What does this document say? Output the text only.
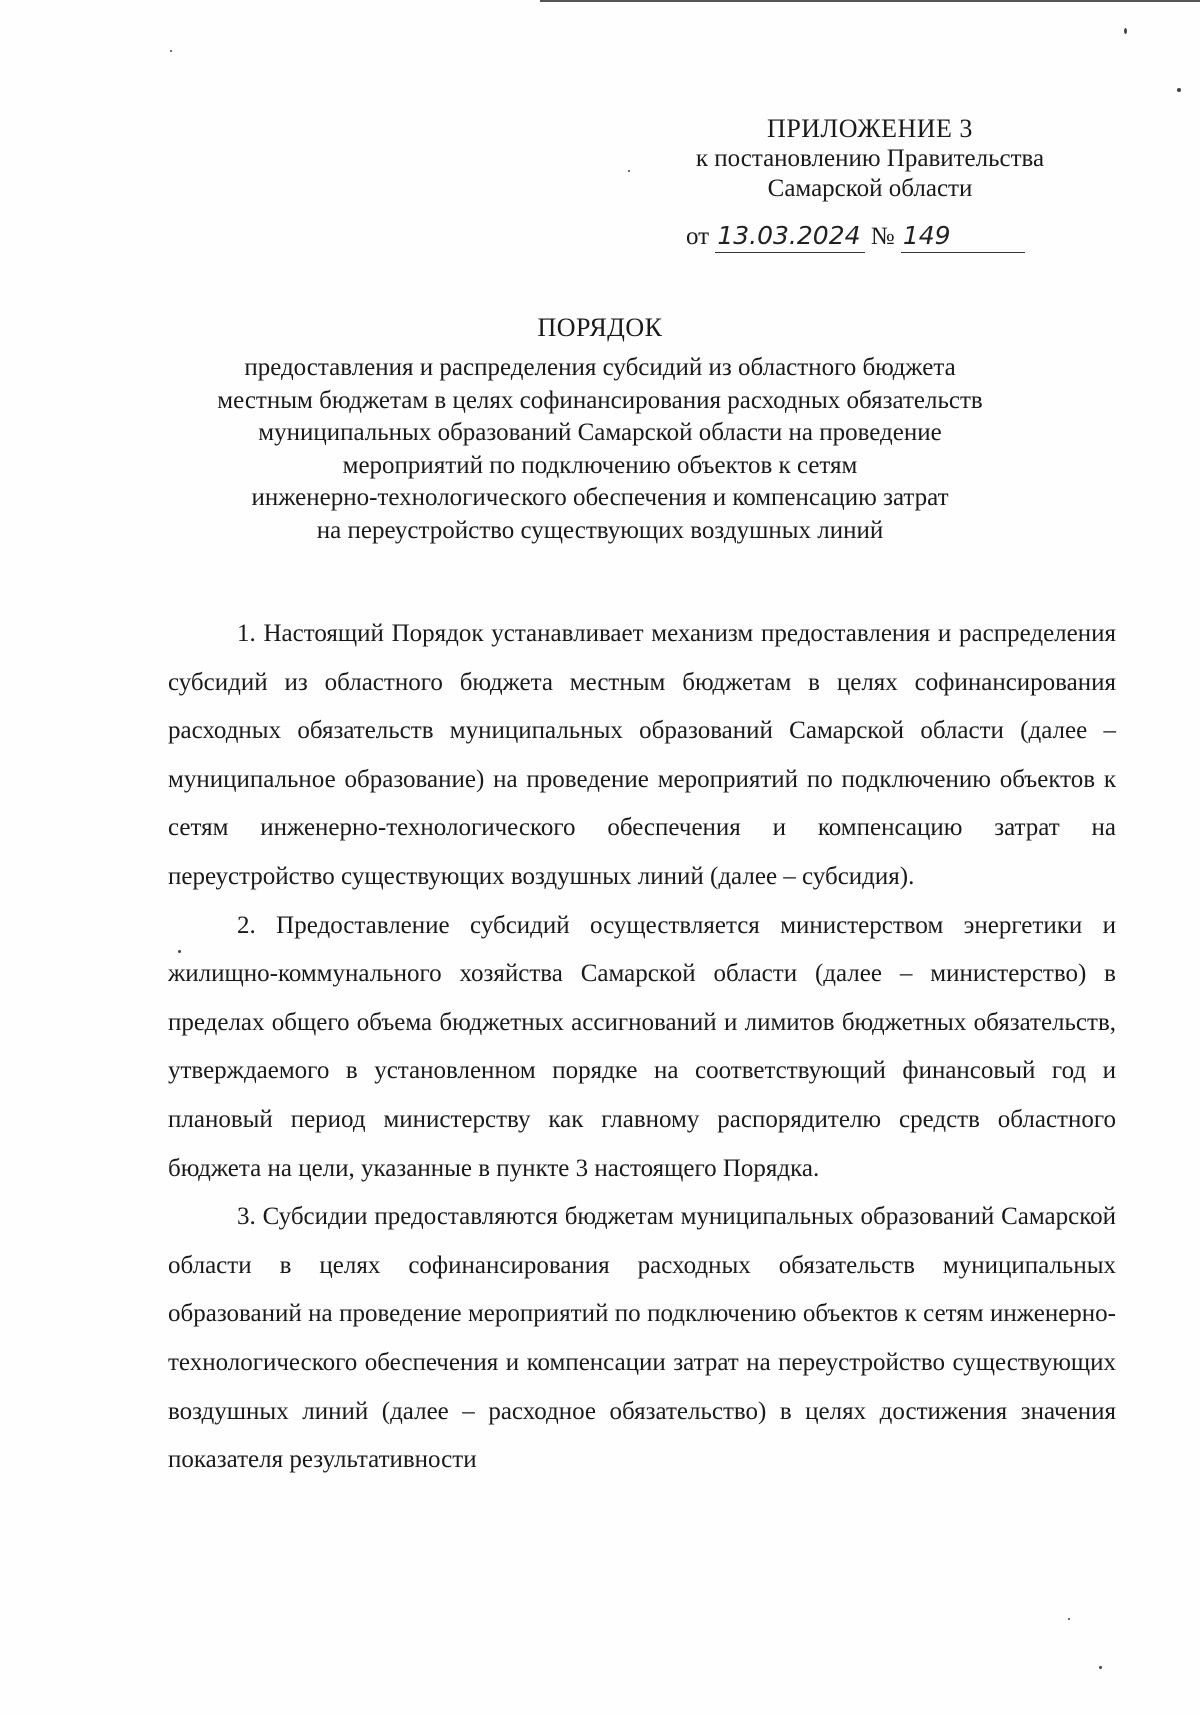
ПРИЛОЖЕНИЕ 3
к постановлению Правительства
Самарской области
от 13.03.2024 № 149
ПОРЯДОК
предоставления и распределения субсидий из областного бюджета
местным бюджетам в целях софинансирования расходных обязательств
муниципальных образований Самарской области на проведение
мероприятий по подключению объектов к сетям
инженерно-технологического обеспечения и компенсацию затрат
на переустройство существующих воздушных линий

1. Настоящий Порядок устанавливает механизм предоставления и распределения субсидий из областного бюджета местным бюджетам в целях софинансирования расходных обязательств муниципальных образований Самарской области (далее – муниципальное образование) на проведение мероприятий по подключению объектов к сетям инженерно-технологического обеспечения и компенсацию затрат на переустройство существующих воздушных линий (далее – субсидия).

2. Предоставление субсидий осуществляется министерством энергетики и жилищно-коммунального хозяйства Самарской области (далее – министерство) в пределах общего объема бюджетных ассигнований и лимитов бюджетных обязательств, утверждаемого в установленном порядке на соответствующий финансовый год и плановый период министерству как главному распорядителю средств областного бюджета на цели, указанные в пункте 3 настоящего Порядка.

3. Субсидии предоставляются бюджетам муниципальных образований Самарской области в целях софинансирования расходных обязательств муниципальных образований на проведение мероприятий по подключению объектов к сетям инженерно-технологического обеспечения и компенсации затрат на переустройство существующих воздушных линий (далее – расходное обязательство) в целях достижения значения показателя результативности
